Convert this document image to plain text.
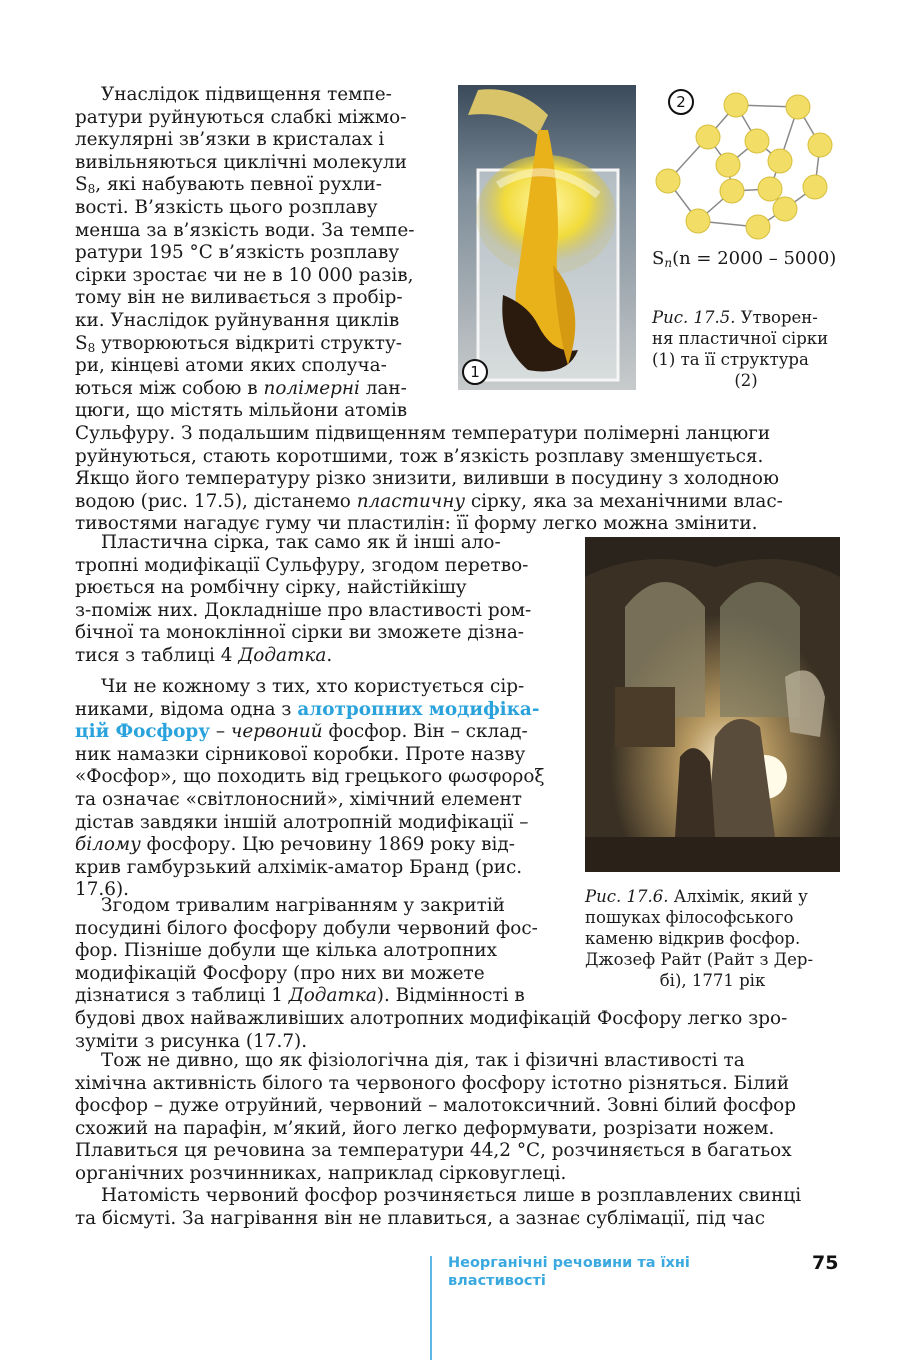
Унаслідок підвищення темпе-

ратури руйнуються слабкі міжмо-

лекулярні зв’язки в кристалах і

вивільняються циклічні молекули

$S_8$, які набувають певної рухли-

вості. В’язкість цього розплаву

менша за в’язкість води. За темпе-

ратури 195 °С в’язкість розплаву

сірки зростає чи не в 10 000 разів,

тому він не виливається з пробір-

ки. Унаслідок руйнування циклів

$S_8$ утворюються відкриті структу-

ри, кінцеві атоми яких сполуча-

ються між собою в полімерні лан-

цюги, що містять мільйони атомів

Сульфуру. З подальшим підвищенням температури полімерні ланцюги

руйнуються, стають коротшими, тож в’язкість розплаву зменшується.

Якщо його температуру різко знизити, виливши в посудину з холодною

водою (рис. 17.5), дістанемо пластичну сірку, яка за механічними влас-

тивостями нагадує гуму чи пластилін: її форму легко можна змінити.

1
2
$S_n(n = 2000 - 5000)$
Рис. 17.5. Утворен-
ня пластичної сірки
(1) та її структура
(2)

Пластична сірка, так само як й інші ало-

тропні модифікації Сульфуру, згодом перетво-

рюється на ромбічну сірку, найстійкішу

з-поміж них. Докладніше про властивості ром-

бічної та моноклінної сірки ви зможете дізна-

тися з таблиці 4 Додатка.

Чи не кожному з тих, хто користується сір-

никами, відома одна з алотропних модифіка-

цій Фосфору – червоний фосфор. Він – склад-

ник намазки сірникової коробки. Проте назву

«Фосфор», що походить від грецького φωσφοροξ

та означає «світлоносний», хімічний елемент

дістав завдяки іншій алотропній модифікації –

білому фосфору. Цю речовину 1869 року від-

крив гамбурзький алхімік-аматор Бранд (рис.

17.6).

Згодом тривалим нагріванням у закритій

посудині білого фосфору добули червоний фос-

фор. Пізніше добули ще кілька алотропних

модифікацій Фосфору (про них ви можете

дізнатися з таблиці 1 Додатка). Відмінності в

Рис. 17.6. Алхімік, який у
пошуках філософського
каменю відкрив фосфор.
Джозеф Райт (Райт з Дер-
бі), 1771 рік

будові двох найважливіших алотропних модифікацій Фосфору легко зро-

зуміти з рисунка (17.7).

Тож не дивно, що як фізіологічна дія, так і фізичні властивості та

хімічна активність білого та червоного фосфору істотно різняться. Білий

фосфор – дуже отруйний, червоний – малотоксичний. Зовні білий фосфор

схожий на парафін, м’який, його легко деформувати, розрізати ножем.

Плавиться ця речовина за температури 44,2 °С, розчиняється в багатьох

органічних розчинниках, наприклад сірковуглеці.

Натомість червоний фосфор розчиняється лише в розплавлених свинці

та бісмуті. За нагрівання він не плавиться, а зазнає сублімації, під час

Неорганічні речовини та їхні
властивості
75
